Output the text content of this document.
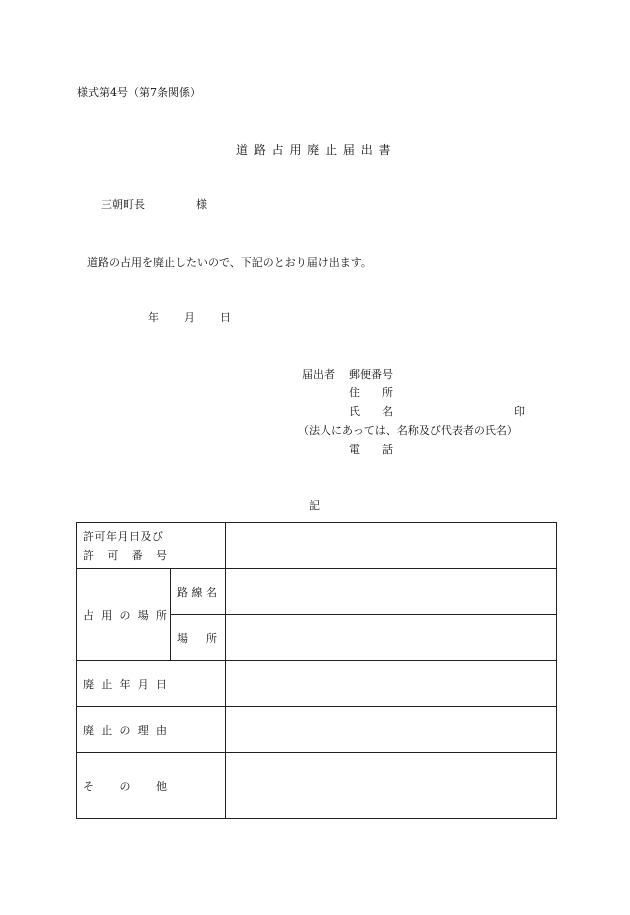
様式第4号（第7条関係）
道 路 占 用 廃 止 届 出 書
三朝町長	様
道路の占用を廃止したいので、下記のとおり届け出ます。
年 月 日
届出者 郵便番号
住　　所
氏　　名	印
（法人にあっては、名称及び代表者の氏名）
電　　話
記
許可年月日及び
許 可 番 号		

占 用 の 場 所	路 線 名	

	場 所	

廃 止 年 月 日		

廃 止 の 理 由		

そ の 他		
